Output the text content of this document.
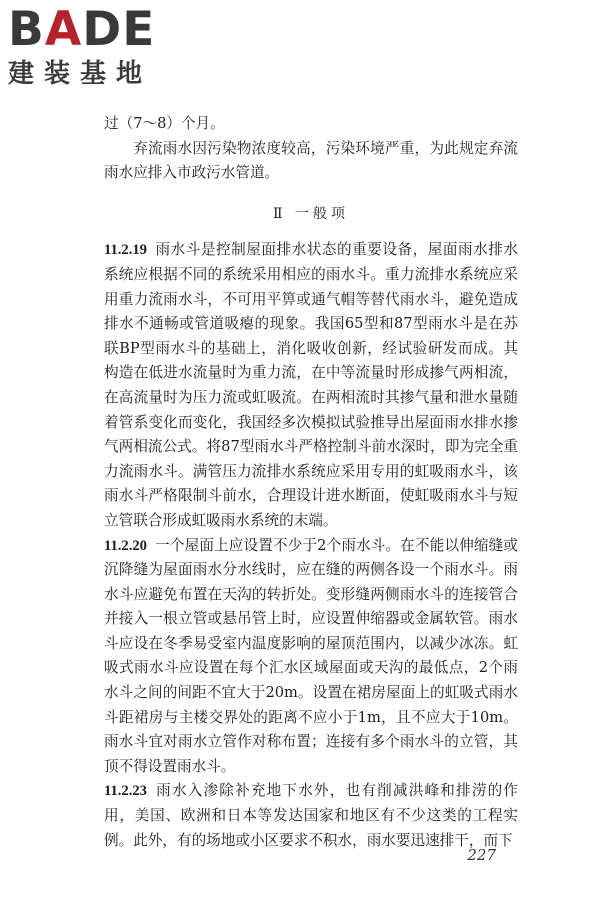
BADE
建装基地

过（7～8）个月。

弃流雨水因污染物浓度较高，污染环境严重，为此规定弃流雨水应排入市政污水管道。

Ⅱ 一般项

11.2.19 雨水斗是控制屋面排水状态的重要设备，屋面雨水排水系统应根据不同的系统采用相应的雨水斗。重力流排水系统应采用重力流雨水斗，不可用平箅或通气帽等替代雨水斗，避免造成排水不通畅或管道吸瘪的现象。我国65型和87型雨水斗是在苏联BP型雨水斗的基础上，消化吸收创新，经试验研发而成。其构造在低进水流量时为重力流，在中等流量时形成掺气两相流，在高流量时为压力流或虹吸流。在两相流时其掺气量和泄水量随着管系变化而变化，我国经多次模拟试验推导出屋面雨水排水掺气两相流公式。将87型雨水斗严格控制斗前水深时，即为完全重力流雨水斗。满管压力流排水系统应采用专用的虹吸雨水斗，该雨水斗严格限制斗前水，合理设计进水断面，使虹吸雨水斗与短立管联合形成虹吸雨水系统的末端。

11.2.20 一个屋面上应设置不少于2个雨水斗。在不能以伸缩缝或沉降缝为屋面雨水分水线时，应在缝的两侧各设一个雨水斗。雨水斗应避免布置在天沟的转折处。变形缝两侧雨水斗的连接管合并接入一根立管或悬吊管上时，应设置伸缩器或金属软管。雨水斗应设在冬季易受室内温度影响的屋顶范围内，以减少冰冻。虹吸式雨水斗应设置在每个汇水区域屋面或天沟的最低点，2个雨水斗之间的间距不宜大于20m。设置在裙房屋面上的虹吸式雨水斗距裙房与主楼交界处的距离不应小于1m，且不应大于10m。雨水斗宜对雨水立管作对称布置；连接有多个雨水斗的立管，其顶不得设置雨水斗。

11.2.23 雨水入渗除补充地下水外，也有削减洪峰和排涝的作用，美国、欧洲和日本等发达国家和地区有不少这类的工程实例。此外，有的场地或小区要求不积水，雨水要迅速排干，而下

227
